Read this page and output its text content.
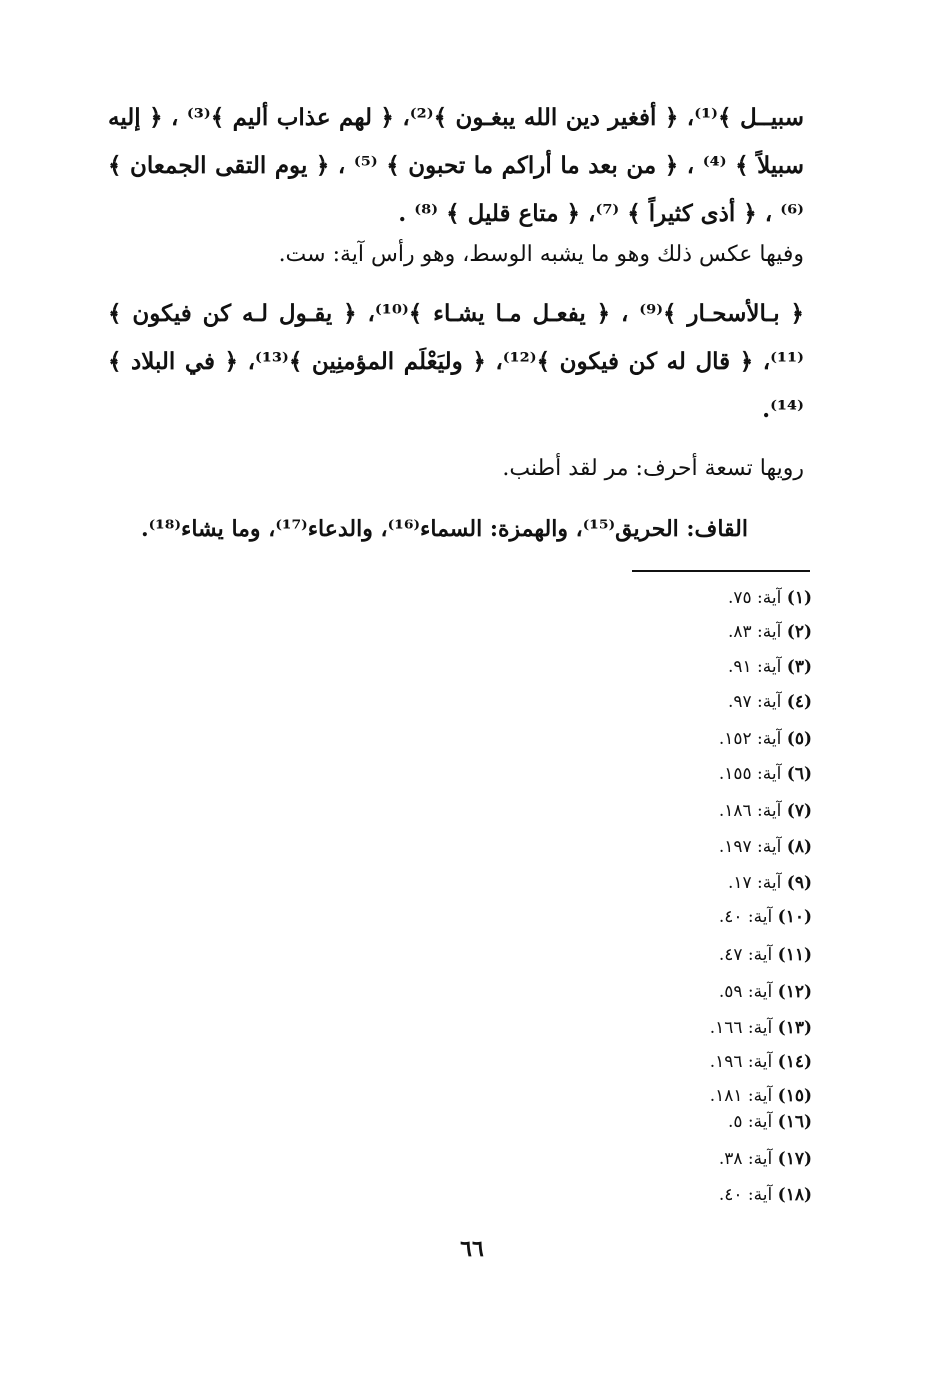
سبيــل ﴾⁽¹⁾، ﴿ أفغير دين الله يبغـون ﴾⁽²⁾، ﴿ لهم عذاب أليم ﴾⁽³⁾ ، ﴿ إليه سبيلاً ﴾ ⁽⁴⁾ ، ﴿ من بعد ما أراكم ما تحبون ﴾ ⁽⁵⁾ ، ﴿ يوم التقى الجمعان ﴾ ⁽⁶⁾ ، ﴿ أذى كثيراً ﴾ ⁽⁷⁾، ﴿ متاع قليل ﴾ ⁽⁸⁾ .
وفيها عكس ذلك وهو ما يشبه الوسط، وهو رأس آية: ست.
﴿ بـالأسحـار ﴾⁽⁹⁾ ، ﴿ يفعـل مـا يشـاء ﴾⁽¹⁰⁾، ﴿ يقـول لـه كن فيكون ﴾⁽¹¹⁾، ﴿ قال له كن فيكون ﴾⁽¹²⁾، ﴿ وليَعْلَم المؤمنِين ﴾⁽¹³⁾، ﴿ في البلاد ﴾⁽¹⁴⁾.
رويها تسعة أحرف: مر لقد أطنب.
القاف: الحريق⁽¹⁵⁾، والهمزة: السماء⁽¹⁶⁾، والدعاء⁽¹⁷⁾، وما يشاء⁽¹⁸⁾.
(١) آية: ٧٥.
(٢) آية: ٨٣.
(٣) آية: ٩١.
(٤) آية: ٩٧.
(٥) آية: ١٥٢.
(٦) آية: ١٥٥.
(٧) آية: ١٨٦.
(٨) آية: ١٩٧.
(٩) آية: ١٧.
(١٠) آية: ٤٠.
(١١) آية: ٤٧.
(١٢) آية: ٥٩.
(١٣) آية: ١٦٦.
(١٤) آية: ١٩٦.
(١٥) آية: ١٨١.
(١٦) آية: ٥.
(١٧) آية: ٣٨.
(١٨) آية: ٤٠.
٦٦
